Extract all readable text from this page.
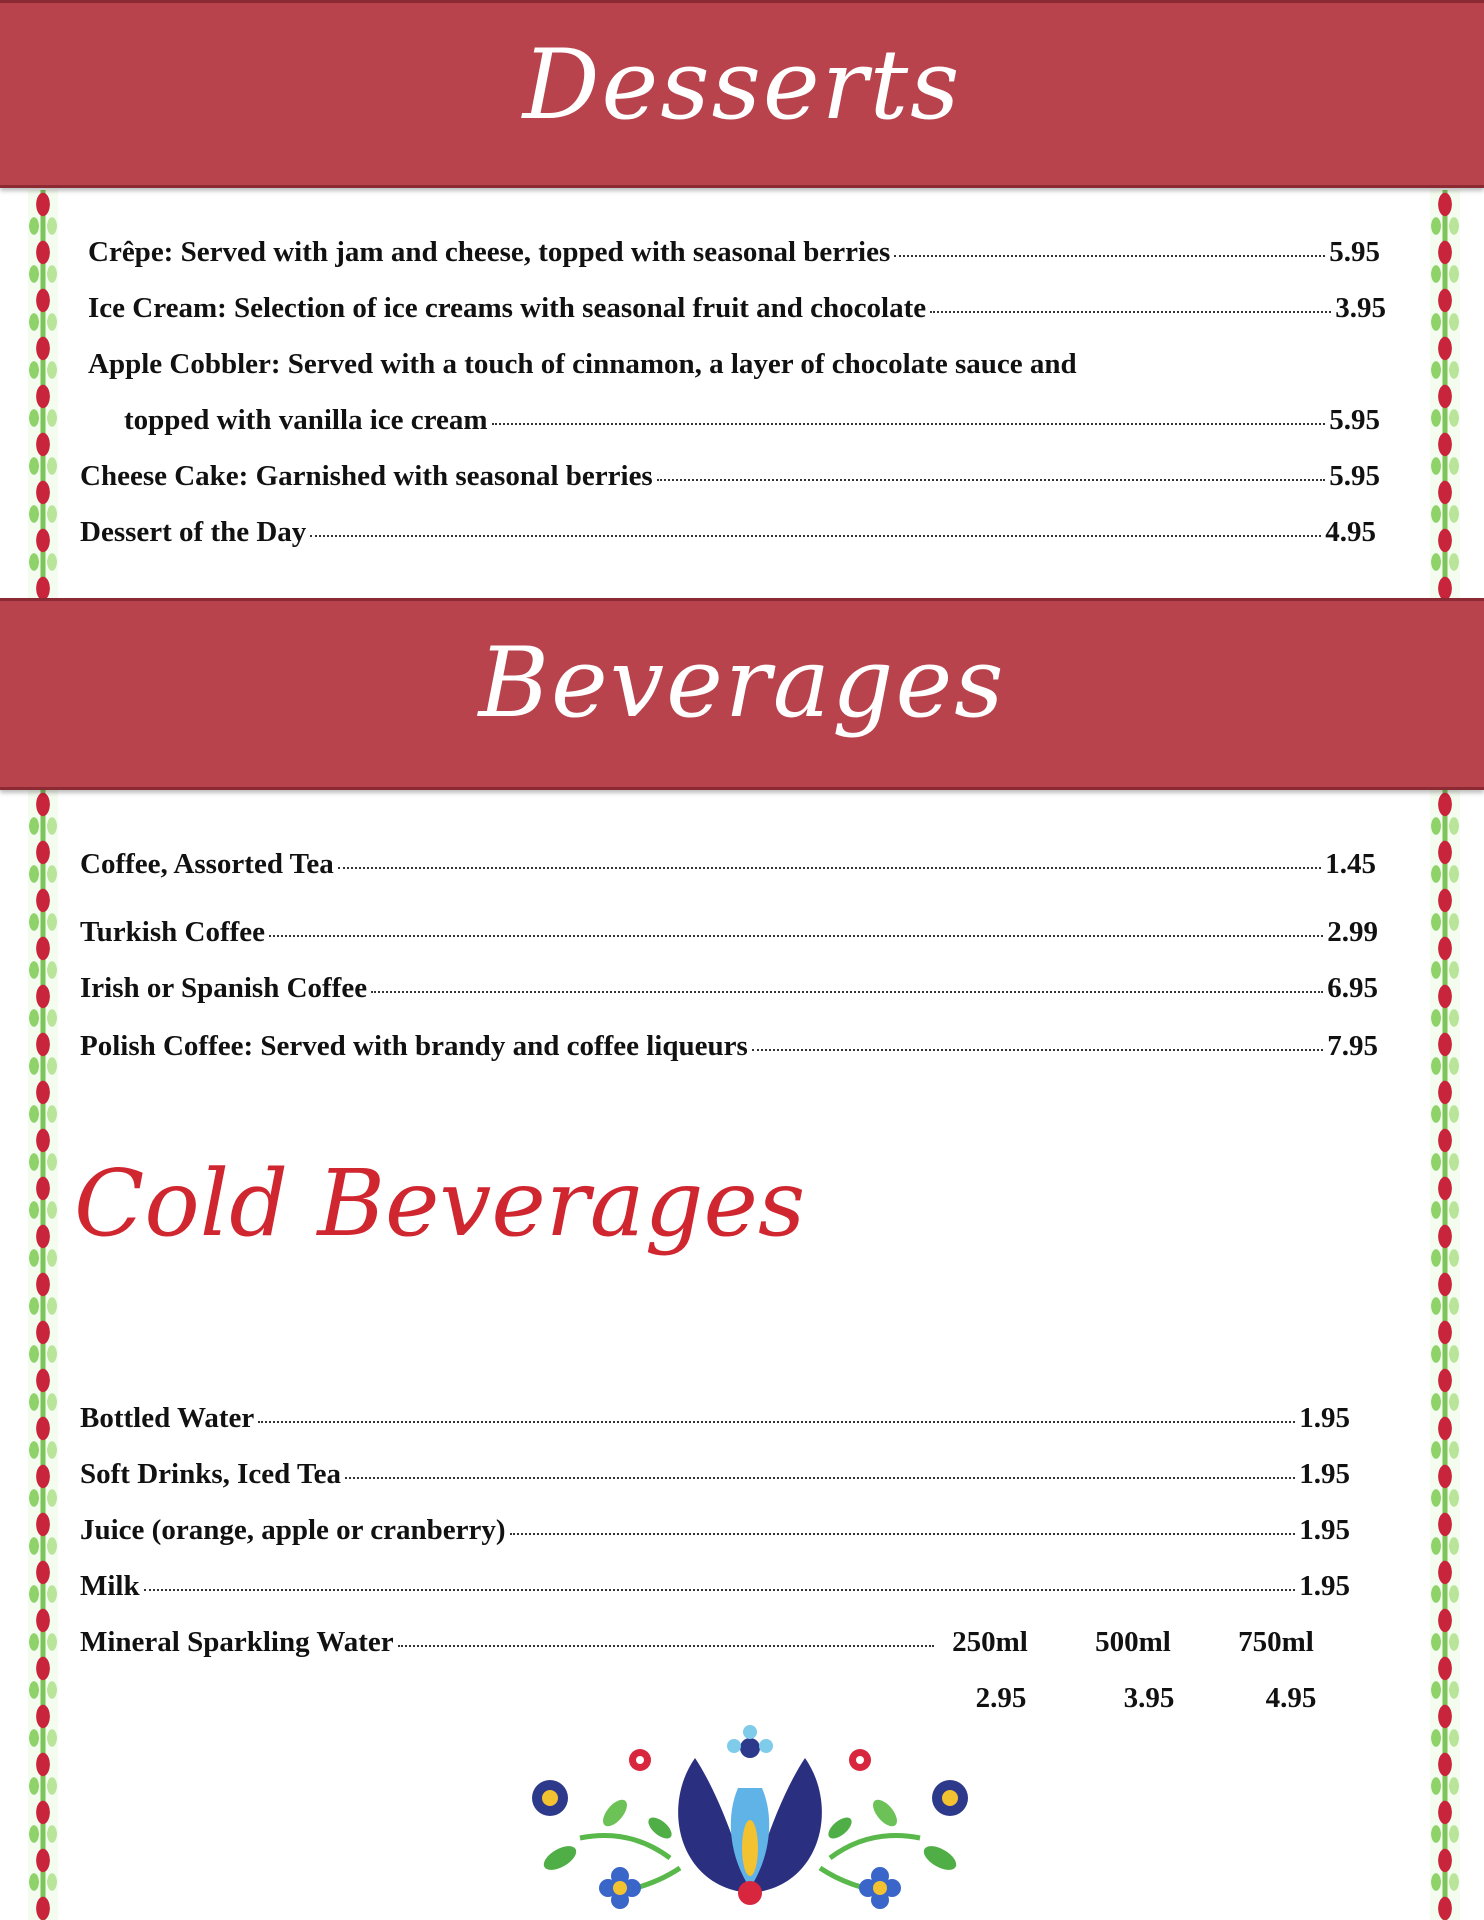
Desserts
Crêpe: Served with jam and cheese, topped with seasonal berries	5.95
Ice Cream: Selection of ice creams with seasonal fruit and chocolate	3.95
Apple Cobbler: Served with a touch of cinnamon, a layer of chocolate sauce and
topped with vanilla ice cream	5.95
Cheese Cake: Garnished with seasonal berries	5.95
Dessert of the Day	4.95
Beverages
Coffee, Assorted Tea	1.45
Turkish Coffee	2.99
Irish or Spanish Coffee	6.95
Polish Coffee: Served with brandy and coffee liqueurs	7.95
Cold Beverages
Bottled Water	1.95
Soft Drinks, Iced Tea	1.95
Juice (orange, apple or cranberry)	1.95
Milk	1.95
Mineral Sparkling Water	250ml	500ml	750ml
2.95	3.95	4.95
